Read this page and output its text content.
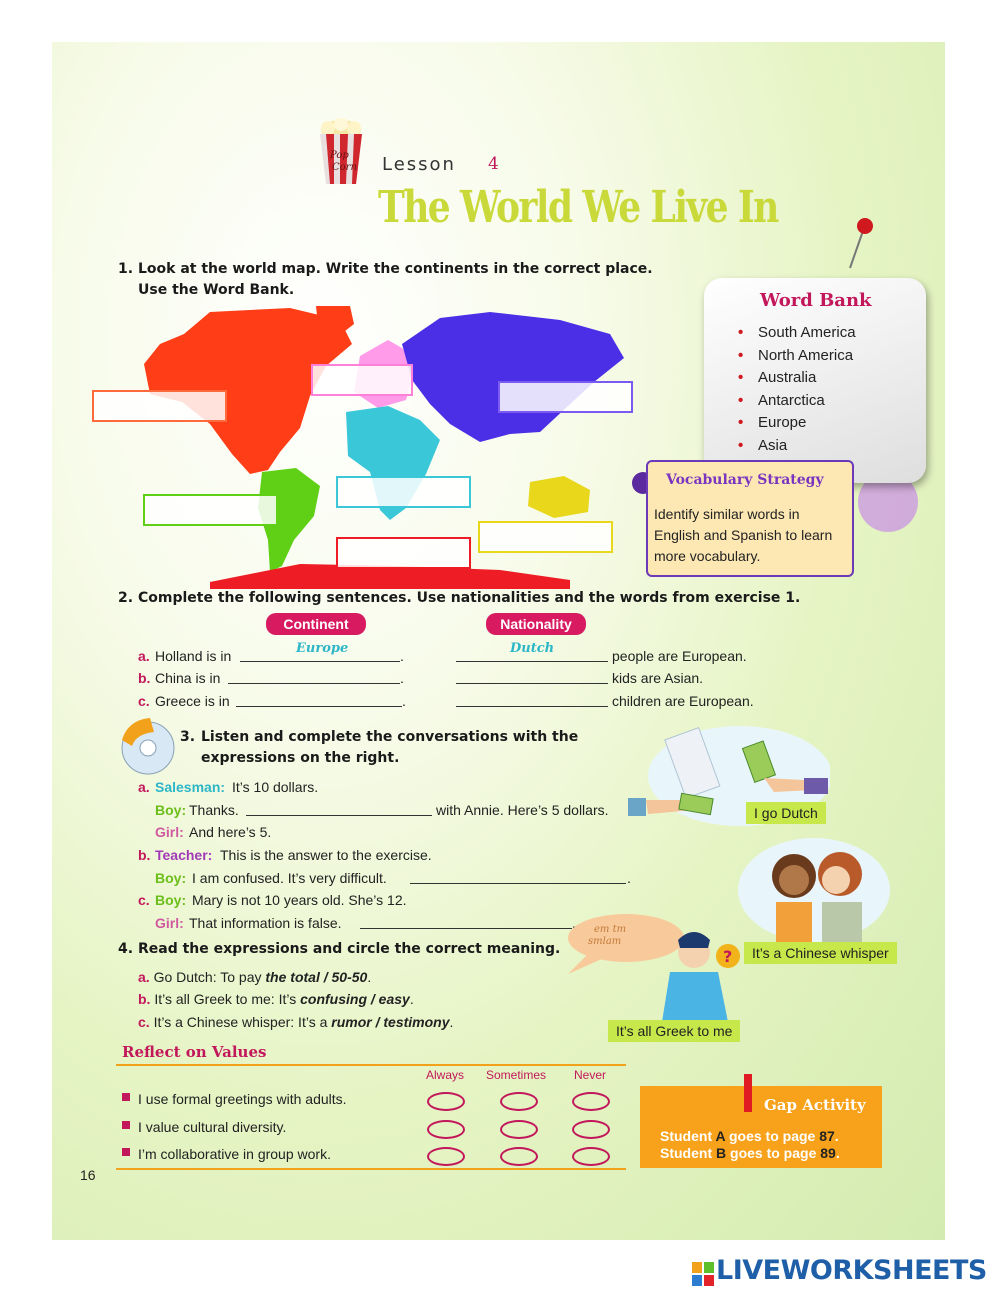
Pop
Corn Lesson 4
The World We Live In
1. Look at the world map. Write the continents in the correct place.
Use the Word Bank.	Word Bank
• South America
• North America
• Australia
• Antarctica
• Europe
• Asia
•
Vocabulary Strategy
Identify similar words in English and Spanish to learn more vocabulary.
2. Complete the following sentences. Use nationalities and the words from exercise 1.
Continent	Nationality
a. Holland is in	Europe	.	Dutch	people are European.
b. China is in	.	kids are Asian.
c. Greece is in	.	children are European.
3. Listen and complete the conversations with the
expressions on the right.
a. Salesman: It’s 10 dollars.
Boy: Thanks.	with Annie. Here’s 5 dollars.
Girl: And here’s 5.
b. Teacher: This is the answer to the exercise.
Boy: I am confused. It’s very difficult.	.
c. Boy: Mary is not 10 years old. She’s 12.
Girl: That information is false.	.
I go Dutch
It’s a Chinese whisper
em tm
smlam
?
It’s all Greek to me
4. Read the expressions and circle the correct meaning.
a. Go Dutch: To pay the total / 50-50.
b. It’s all Greek to me: It’s confusing / easy.
c. It’s a Chinese whisper: It’s a rumor / testimony.
Reflect on Values
Always Sometimes Never
I use formal greetings with adults.
I value cultural diversity.
I’m collaborative in group work.
Gap Activity
Student A goes to page 87.
Student B goes to page 89.
16
LIVEWORKSHEETS
